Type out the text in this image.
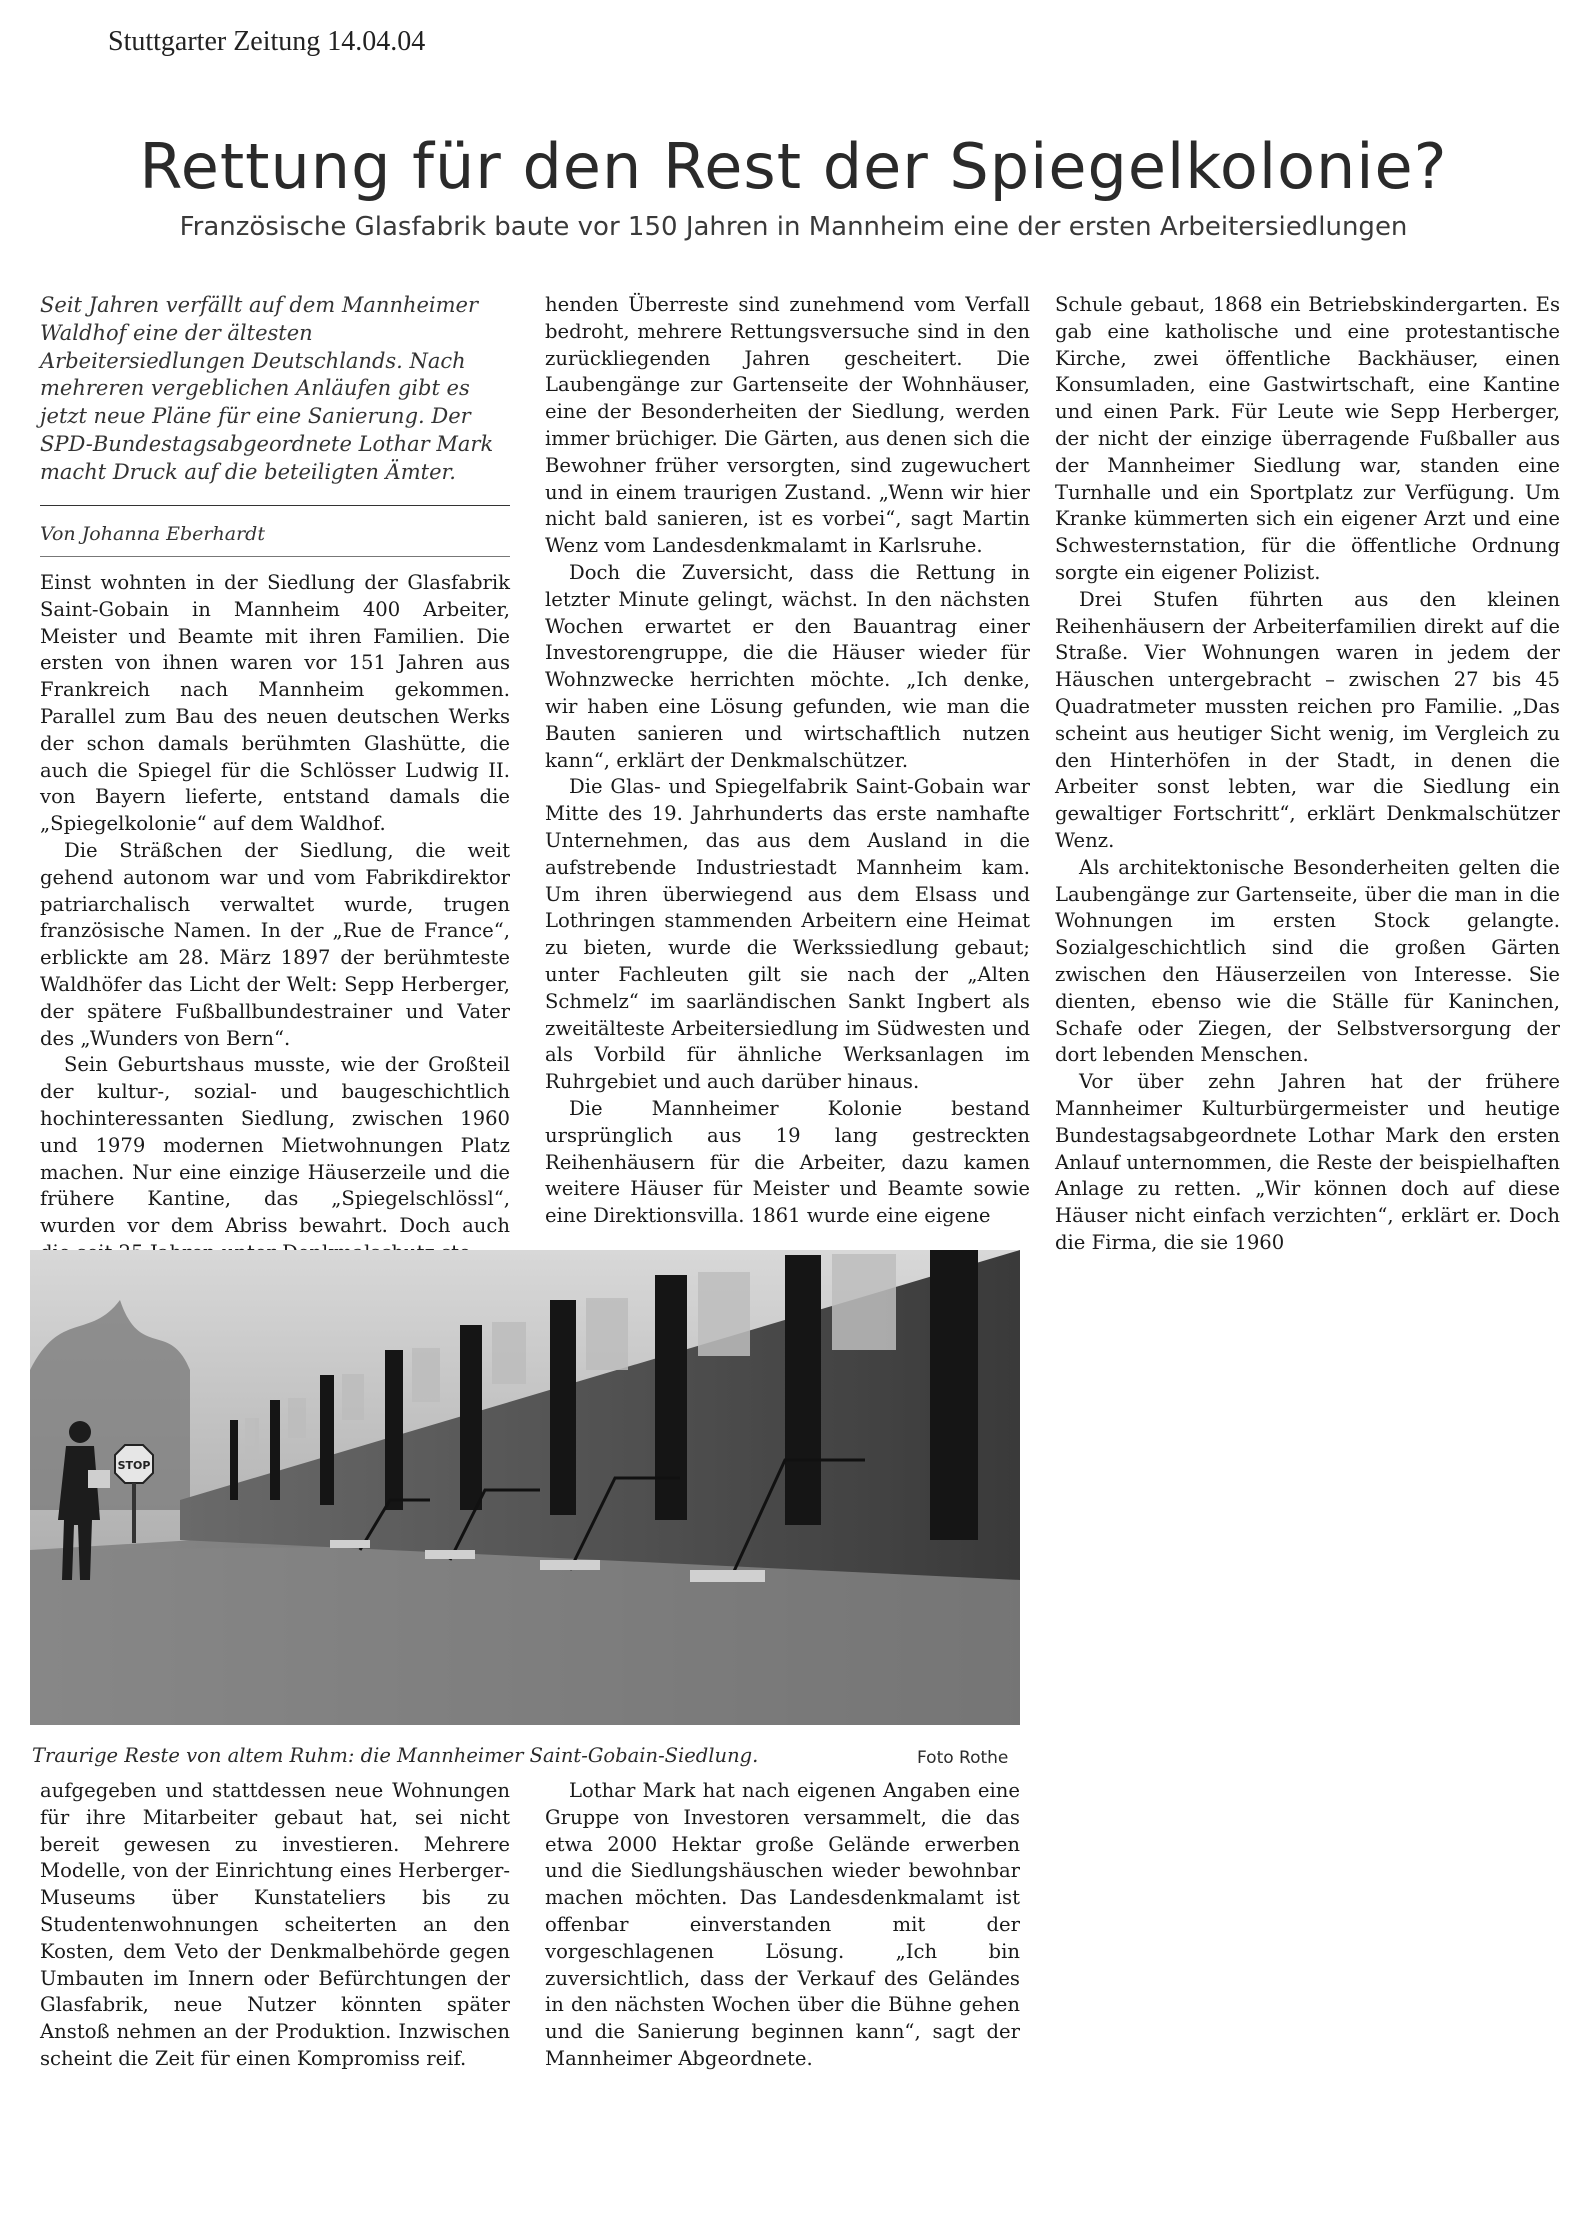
Stuttgarter Zeitung 14.04.04
Rettung für den Rest der Spiegelkolonie?
Französische Glasfabrik baute vor 150 Jahren in Mannheim eine der ersten Arbeitersiedlungen

Seit Jahren verfällt auf dem Mannheimer Waldhof eine der ältesten Arbeitersiedlungen Deutschlands. Nach mehreren vergeblichen Anläufen gibt es jetzt neue Pläne für eine Sanierung. Der SPD-Bundestagsabgeordnete Lothar Mark macht Druck auf die beteiligten Ämter.

Von Johanna Eberhardt

Einst wohnten in der Siedlung der Glasfabrik Saint-Gobain in Mannheim 400 Arbeiter, Meister und Beamte mit ihren Familien. Die ersten von ihnen waren vor 151 Jahren aus Frankreich nach Mannheim gekommen. Parallel zum Bau des neuen deutschen Werks der schon damals berühmten Glashütte, die auch die Spiegel für die Schlösser Ludwig II. von Bayern lieferte, entstand damals die „Spiegelkolonie“ auf dem Waldhof.

Die Sträßchen der Siedlung, die weit gehend autonom war und vom Fabrikdirektor patriarchalisch verwaltet wurde, trugen französische Namen. In der „Rue de France“, erblickte am 28. März 1897 der berühmteste Waldhöfer das Licht der Welt: Sepp Herberger, der spätere Fußballbundestrainer und Vater des „Wunders von Bern“.

Sein Geburtshaus musste, wie der Großteil der kultur-, sozial- und baugeschichtlich hochinteressanten Siedlung, zwischen 1960 und 1979 modernen Mietwohnungen Platz machen. Nur eine einzige Häuserzeile und die frühere Kantine, das „Spiegelschlössl“, wurden vor dem Abriss bewahrt. Doch auch

henden Überreste sind zunehmend vom Verfall bedroht, mehrere Rettungsversuche sind in den zurückliegenden Jahren gescheitert. Die Laubengänge zur Gartenseite der Wohnhäuser, eine der Besonderheiten der Siedlung, werden immer brüchiger. Die Gärten, aus denen sich die Bewohner früher versorgten, sind zugewuchert und in einem traurigen Zustand. „Wenn wir hier nicht bald sanieren, ist es vorbei“, sagt Martin Wenz vom Landesdenkmalamt in Karlsruhe.

Doch die Zuversicht, dass die Rettung in letzter Minute gelingt, wächst. In den nächsten Wochen erwartet er den Bauantrag einer Investorengruppe, die die Häuser wieder für Wohnzwecke herrichten möchte. „Ich denke, wir haben eine Lösung gefunden, wie man die Bauten sanieren und wirtschaftlich nutzen kann“, erklärt der Denkmalschützer.

Die Glas- und Spiegelfabrik Saint-Gobain war Mitte des 19. Jahrhunderts das erste namhafte Unternehmen, das aus dem Ausland in die aufstrebende Industriestadt Mannheim kam. Um ihren überwiegend aus dem Elsass und Lothringen stammenden Arbeitern eine Heimat zu bieten, wurde die Werkssiedlung gebaut; unter Fachleuten gilt sie nach der „Alten Schmelz“ im saarländischen Sankt Ingbert als zweitälteste Arbeitersiedlung im Südwesten und als Vorbild für ähnliche Werksanlagen im Ruhrgebiet und auch darüber hinaus.

Die Mannheimer Kolonie bestand ursprünglich aus 19 lang gestreckten Reihenhäusern für die Arbeiter, dazu kamen weitere Häuser für Meister und Beamte sowie eine Direktionsvilla. 1861 wurde eine eigene

Schule gebaut, 1868 ein Betriebskindergarten. Es gab eine katholische und eine protestantische Kirche, zwei öffentliche Backhäuser, einen Konsumladen, eine Gastwirtschaft, eine Kantine und einen Park. Für Leute wie Sepp Herberger, der nicht der einzige überragende Fußballer aus der Mannheimer Siedlung war, standen eine Turnhalle und ein Sportplatz zur Verfügung. Um Kranke kümmerten sich ein eigener Arzt und eine Schwesternstation, für die öffentliche Ordnung sorgte ein eigener Polizist.

Drei Stufen führten aus den kleinen Reihenhäusern der Arbeiterfamilien direkt auf die Straße. Vier Wohnungen waren in jedem der Häuschen untergebracht – zwischen 27 bis 45 Quadratmeter mussten reichen pro Familie. „Das scheint aus heutiger Sicht wenig, im Vergleich zu den Hinterhöfen in der Stadt, in denen die Arbeiter sonst lebten, war die Siedlung ein gewaltiger Fortschritt“, erklärt Denkmalschützer Wenz.

Als architektonische Besonderheiten gelten die Laubengänge zur Gartenseite, über die man in die Wohnungen im ersten Stock gelangte. Sozialgeschichtlich sind die großen Gärten zwischen den Häuserzeilen von Interesse. Sie dienten, ebenso wie die Ställe für Kaninchen, Schafe oder Ziegen, der Selbstversorgung der dort lebenden Menschen.

Vor über zehn Jahren hat der frühere Mannheimer Kulturbürgermeister und heutige Bundestagsabgeordnete Lothar Mark den ersten Anlauf unternommen, die Reste der beispielhaften Anlage zu retten. „Wir können doch auf diese Häuser nicht einfach verzichten“, erklärt er. Doch die Firma, die sie 1960

STOP
Traurige Reste von altem Ruhm: die Mannheimer Saint-Gobain-Siedlung.	Foto Rothe

aufgegeben und stattdessen neue Wohnungen für ihre Mitarbeiter gebaut hat, sei nicht bereit gewesen zu investieren. Mehrere Modelle, von der Einrichtung eines Herberger-Museums über Kunstateliers bis zu Studentenwohnungen scheiterten an den Kosten, dem Veto der Denkmalbehörde gegen Umbauten im Innern oder Befürchtungen der Glasfabrik, neue Nutzer könnten später Anstoß nehmen an der Produktion. Inzwischen scheint die Zeit für einen Kompromiss reif.

Lothar Mark hat nach eigenen Angaben eine Gruppe von Investoren versammelt, die das etwa 2000 Hektar große Gelände erwerben und die Siedlungshäuschen wieder bewohnbar machen möchten. Das Landesdenkmalamt ist offenbar einverstanden mit der vorgeschlagenen Lösung. „Ich bin zuversichtlich, dass der Verkauf des Geländes in den nächsten Wochen über die Bühne gehen und die Sanierung beginnen kann“, sagt der Mannheimer Abgeordnete.
